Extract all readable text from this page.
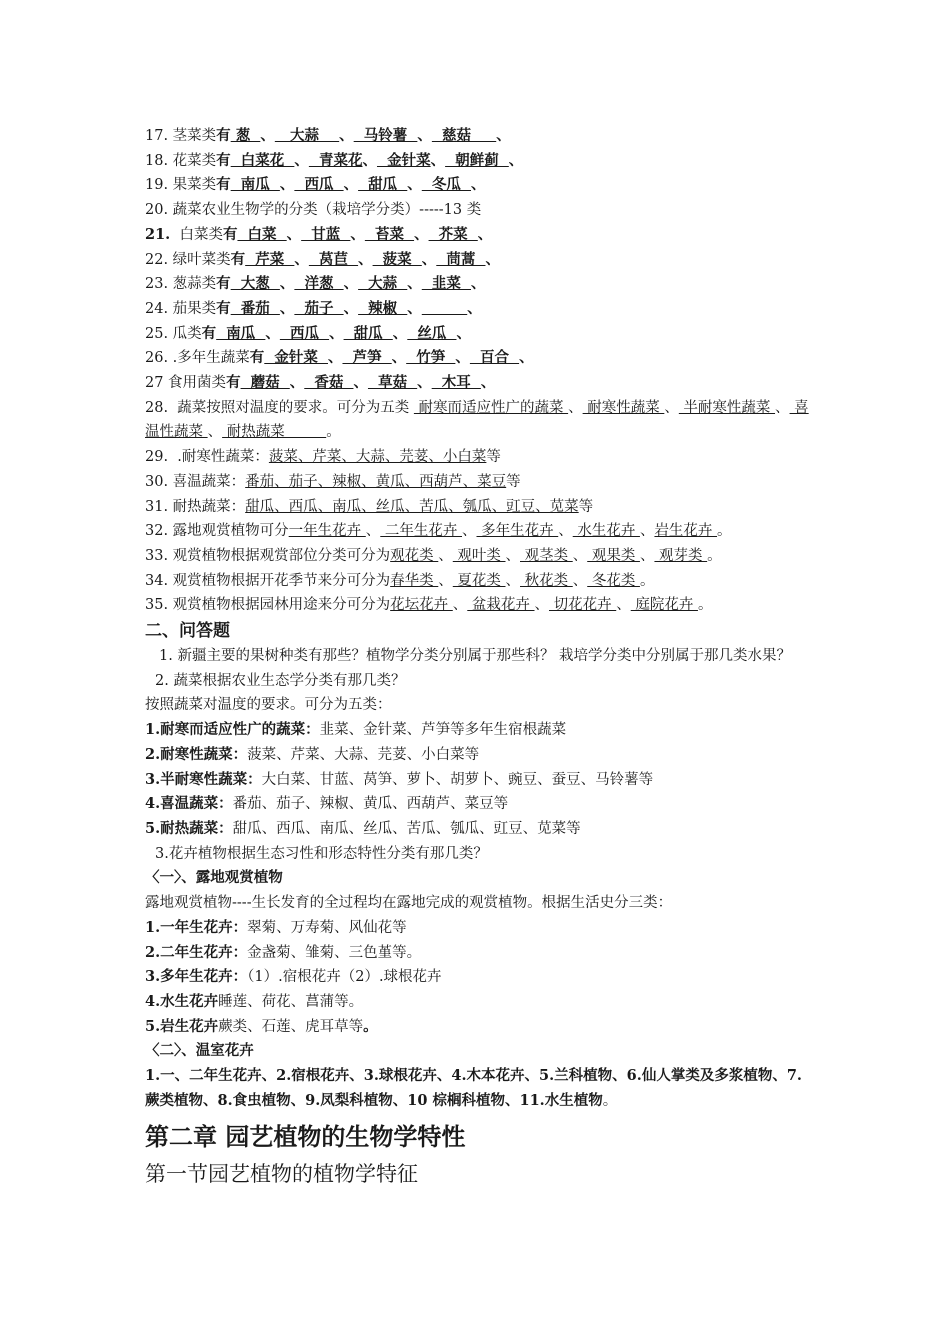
17. 茎菜类有 葱  、   大蒜    、  马铃薯  、  慈菇     、
18. 花菜类有  白菜花  、  青菜花、  金针菜、  朝鲜蓟  、
19. 果菜类有  南瓜  、  西瓜  、  甜瓜  、  冬瓜  、
20. 蔬菜农业生物学的分类（栽培学分类）-----13 类
21.  白菜类有  白菜  、  甘蓝  、  苔菜  、  芥菜  、
22. 绿叶菜类有  芹菜  、  莴苣  、  菠菜  、  茼蒿  、
23. 葱蒜类有  大葱  、  洋葱  、  大蒜  、  韭菜  、
24. 茄果类有  番茄  、  茄子  、  辣椒  、	、
25. 瓜类有  南瓜  、  西瓜  、  甜瓜  、  丝瓜  、
26. .多年生蔬菜有  金针菜  、  芦笋  、  竹笋  、  百合  、
27 食用菌类有  蘑菇  、  香菇  、  草菇  、  木耳  、
28.  蔬菜按照对温度的要求。可分为五类  耐寒而适应性广的蔬菜 、 耐寒性蔬菜 、 半耐寒性蔬菜 、 喜温性蔬菜 、 耐热蔬菜         。
29.  .耐寒性蔬菜：菠菜、芹菜、大蒜、芫荽、小白菜等
30. 喜温蔬菜：番茄、茄子、辣椒、黄瓜、西葫芦、菜豆等
31. 耐热蔬菜：甜瓜、西瓜、南瓜、丝瓜、苦瓜、瓠瓜、豇豆、苋菜等
32. 露地观赏植物可分一年生花卉 、 二年生花卉 、 多年生花卉 、 水生花卉 、岩生花卉 。
33. 观赏植物根据观赏部位分类可分为观花类 、 观叶类 、 观茎类 、 观果类 、 观芽类 。
34. 观赏植物根据开花季节来分可分为春华类 、 夏花类 、 秋花类 、 冬花类 。
35. 观赏植物根据园林用途来分可分为花坛花卉 、 盆栽花卉 、 切花花卉 、 庭院花卉 。
二、问答题
1. 新疆主要的果树种类有那些？植物学分类分别属于那些科？ 栽培学分类中分别属于那几类水果？
2. 蔬菜根据农业生态学分类有那几类？
按照蔬菜对温度的要求。可分为五类：
1.耐寒而适应性广的蔬菜：韭菜、金针菜、芦笋等多年生宿根蔬菜
2.耐寒性蔬菜：菠菜、芹菜、大蒜、芫荽、小白菜等
3.半耐寒性蔬菜：大白菜、甘蓝、莴笋、萝卜、胡萝卜、豌豆、蚕豆、马铃薯等
4.喜温蔬菜：番茄、茄子、辣椒、黄瓜、西葫芦、菜豆等
5.耐热蔬菜：甜瓜、西瓜、南瓜、丝瓜、苦瓜、瓠瓜、豇豆、苋菜等
3.花卉植物根据生态习性和形态特性分类有那几类？
〈一〉、露地观赏植物
露地观赏植物----生长发育的全过程均在露地完成的观赏植物。根据生活史分三类：
1.一年生花卉：翠菊、万寿菊、风仙花等
2.二年生花卉：金盏菊、雏菊、三色堇等。
3.多年生花卉：（1）.宿根花卉（2）.球根花卉
4.水生花卉睡莲、荷花、菖蒲等。
5.岩生花卉蕨类、石莲、虎耳草等。
〈二〉、温室花卉
1.一、二年生花卉、2.宿根花卉、3.球根花卉、4.木本花卉、5.兰科植物、6.仙人掌类及多浆植物、7.蕨类植物、8.食虫植物、9.凤梨科植物、10 棕榈科植物、11.水生植物。
第二章 园艺植物的生物学特性
第一节园艺植物的植物学特征
